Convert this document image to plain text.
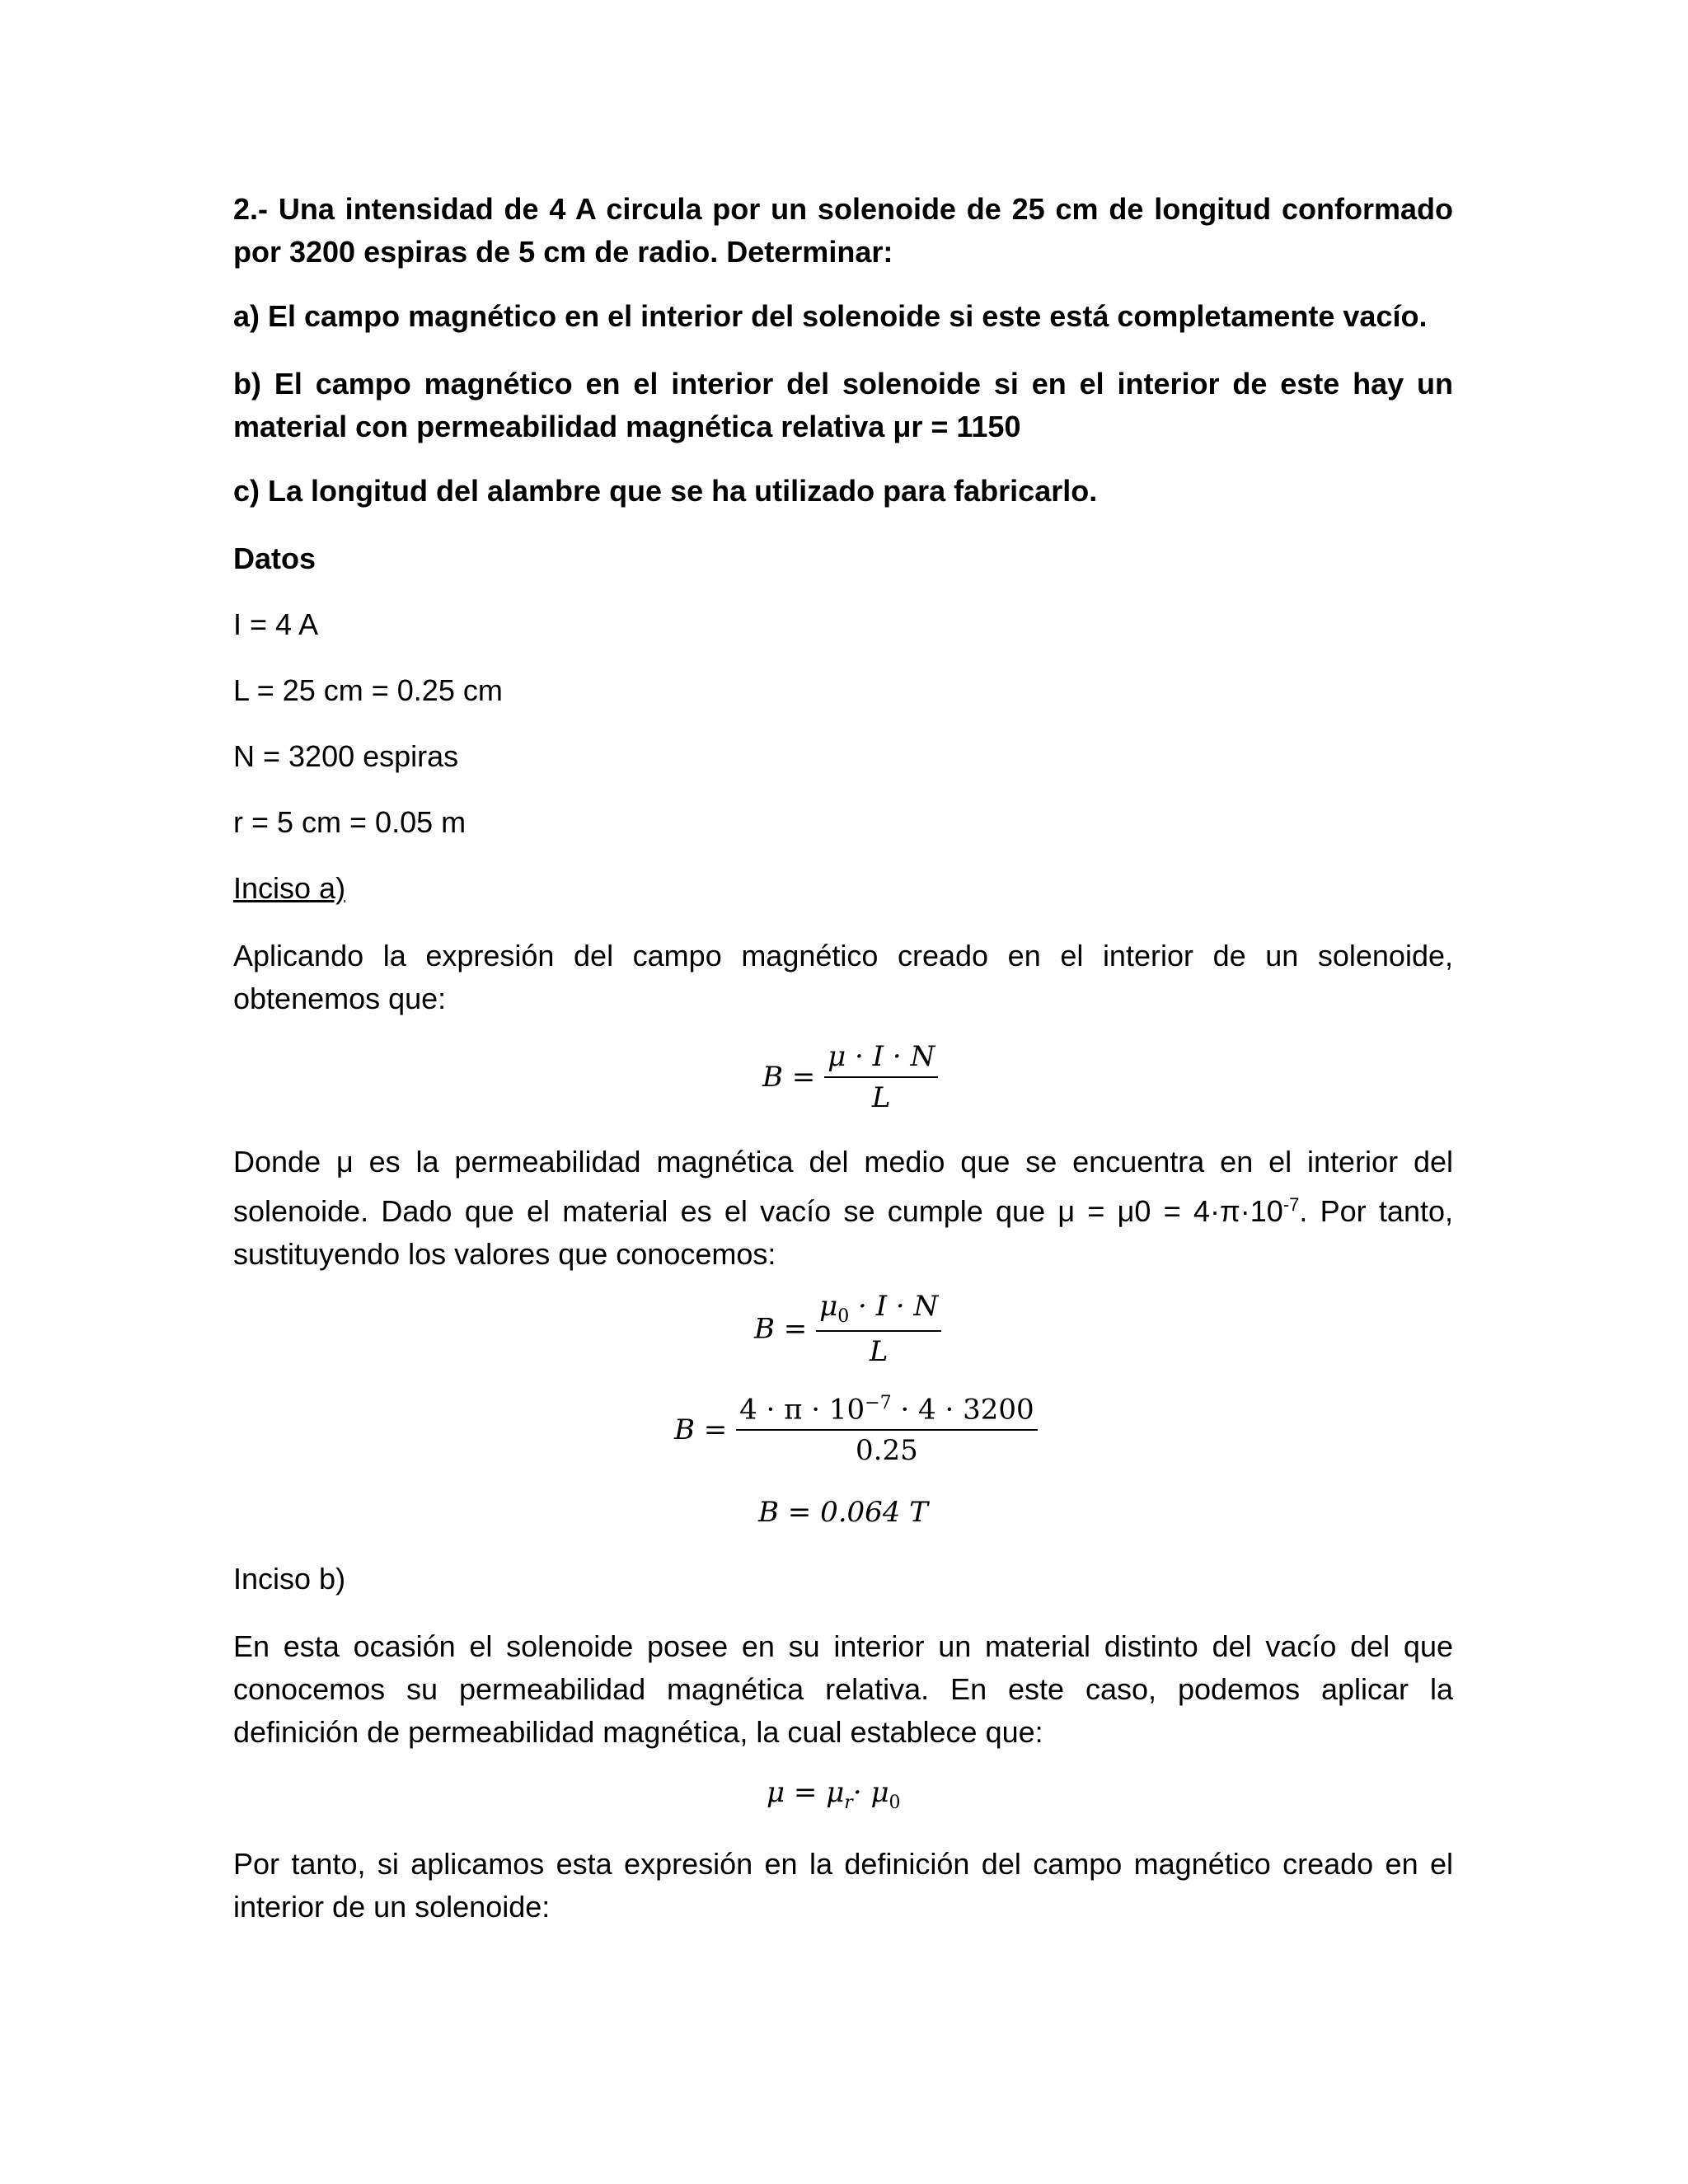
2.- Una intensidad de 4 A circula por un solenoide de 25 cm de longitud conformado por 3200 espiras de 5 cm de radio. Determinar:

a) El campo magnético en el interior del solenoide si este está completamente vacío.

b) El campo magnético en el interior del solenoide si en el interior de este hay un material con permeabilidad magnética relativa μr = 1150

c) La longitud del alambre que se ha utilizado para fabricarlo.

Datos

I = 4 A

L = 25 cm = 0.25 cm

N = 3200 espiras

r = 5 cm = 0.05 m

Inciso a)

Aplicando la expresión del campo magnético creado en el interior de un solenoide, obtenemos que:

$B = \frac{\mu \cdot I \cdot N}{L}$

Donde μ es la permeabilidad magnética del medio que se encuentra en el interior del solenoide. Dado que el material es el vacío se cumple que $\mu = \mu 0 = 4\cdot\pi\cdot 10^{-7}$. Por tanto, sustituyendo los valores que conocemos:

$B = \frac{\mu_0 \cdot I \cdot N}{L}$
$B = \frac{4 \cdot \pi \cdot 10^{-7} \cdot 4 \cdot 3200}{0.25}$
B = 0.064 T

Inciso b)

En esta ocasión el solenoide posee en su interior un material distinto del vacío del que conocemos su permeabilidad magnética relativa. En este caso, podemos aplicar la definición de permeabilidad magnética, la cual establece que:

$\mu = \mu_r\cdot \mu_0$

Por tanto, si aplicamos esta expresión en la definición del campo magnético creado en el interior de un solenoide:
